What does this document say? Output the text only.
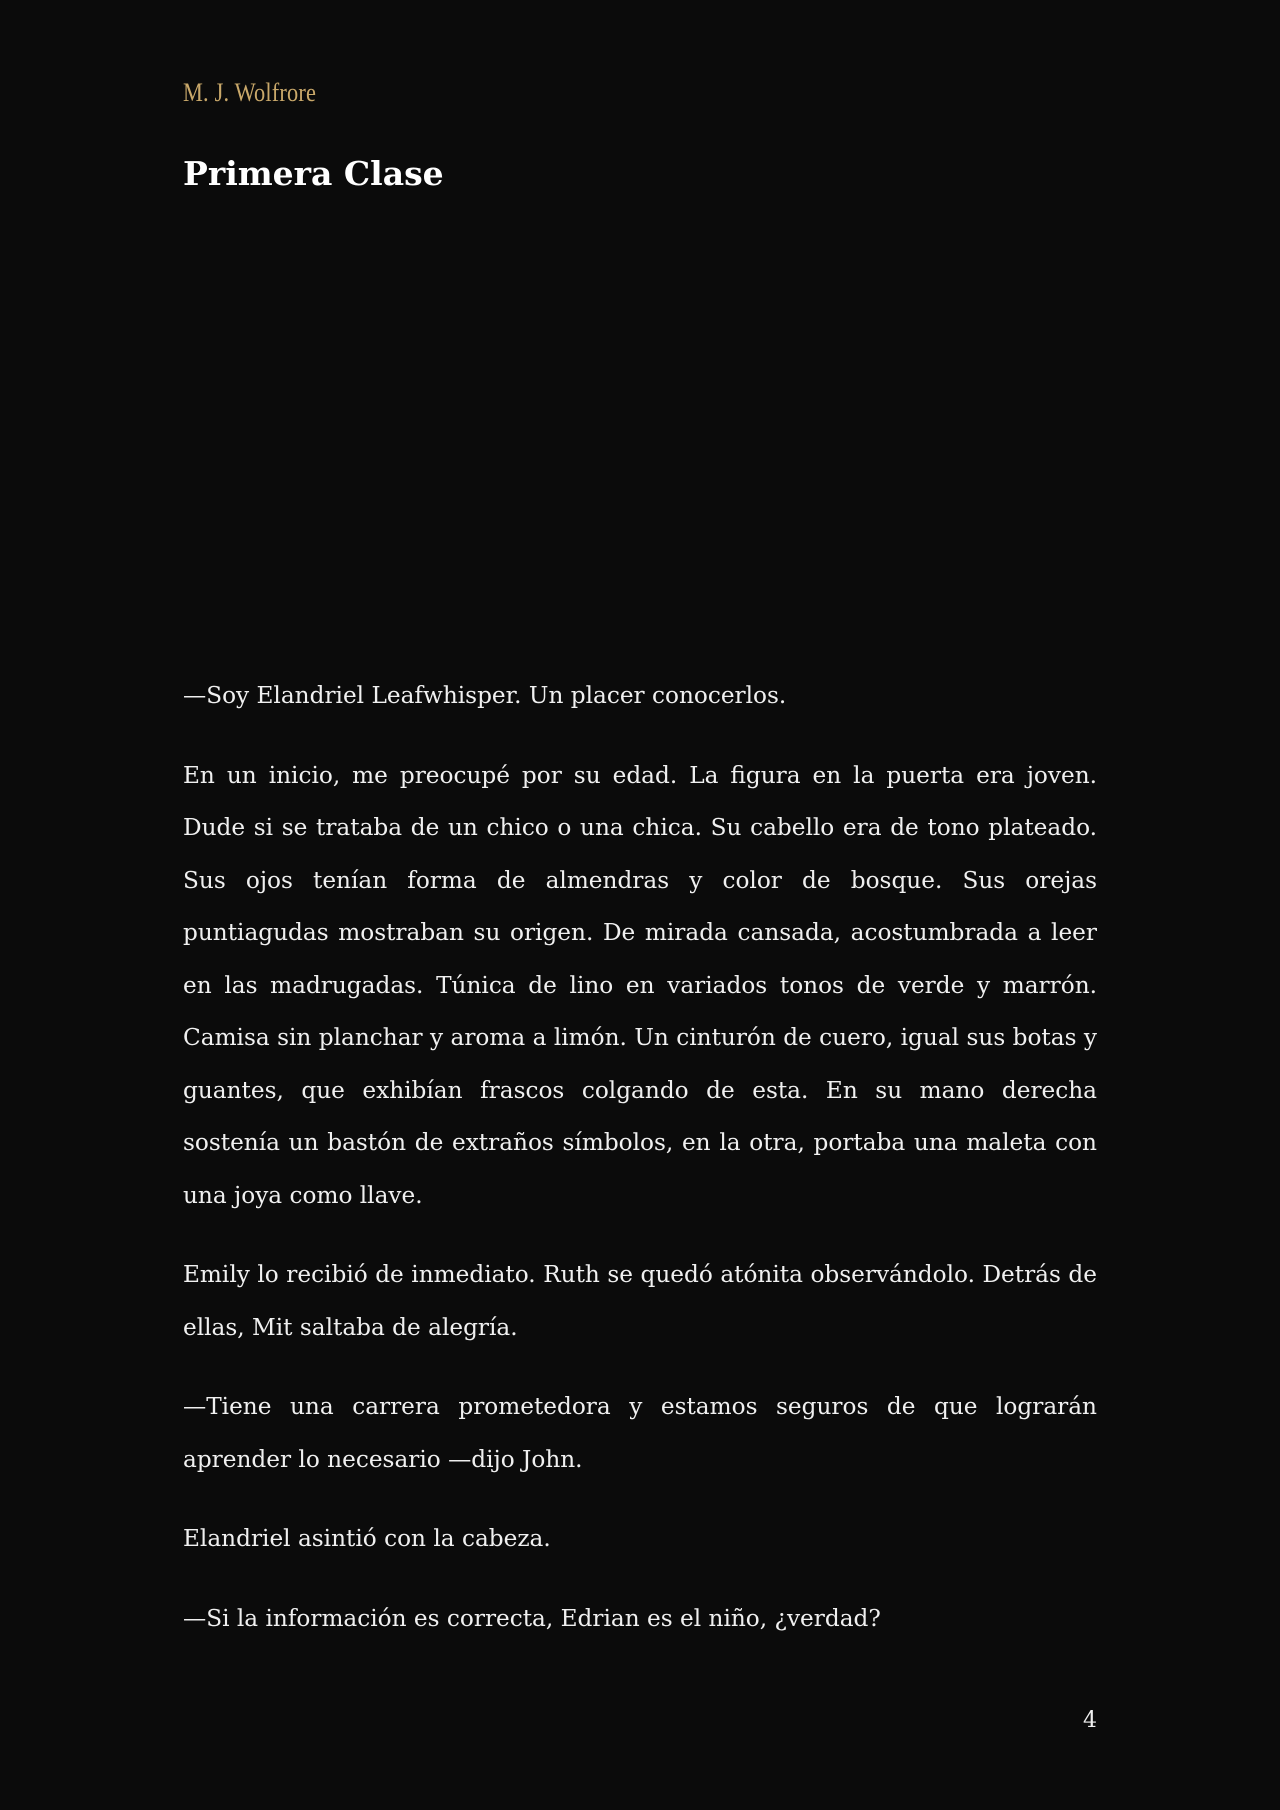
M. J. Wolfrore
Primera Clase

—Soy Elandriel Leafwhisper. Un placer conocerlos.

En un inicio, me preocupé por su edad. La figura en la puerta era joven. Dude si se trataba de un chico o una chica. Su cabello era de tono plateado. Sus ojos tenían forma de almendras y color de bosque. Sus orejas puntiagudas mostraban su origen. De mirada cansada, acostumbrada a leer en las madrugadas. Túnica de lino en variados tonos de verde y marrón. Camisa sin planchar y aroma a limón. Un cinturón de cuero, igual sus botas y guantes, que exhibían frascos colgando de esta. En su mano derecha sostenía un bastón de extraños símbolos, en la otra, portaba una maleta con una joya como llave.

Emily lo recibió de inmediato. Ruth se quedó atónita observándolo. Detrás de ellas, Mit saltaba de alegría.

—Tiene una carrera prometedora y estamos seguros de que lograrán aprender lo necesario —dijo John.

Elandriel asintió con la cabeza.

—Si la información es correcta, Edrian es el niño, ¿verdad?

4
